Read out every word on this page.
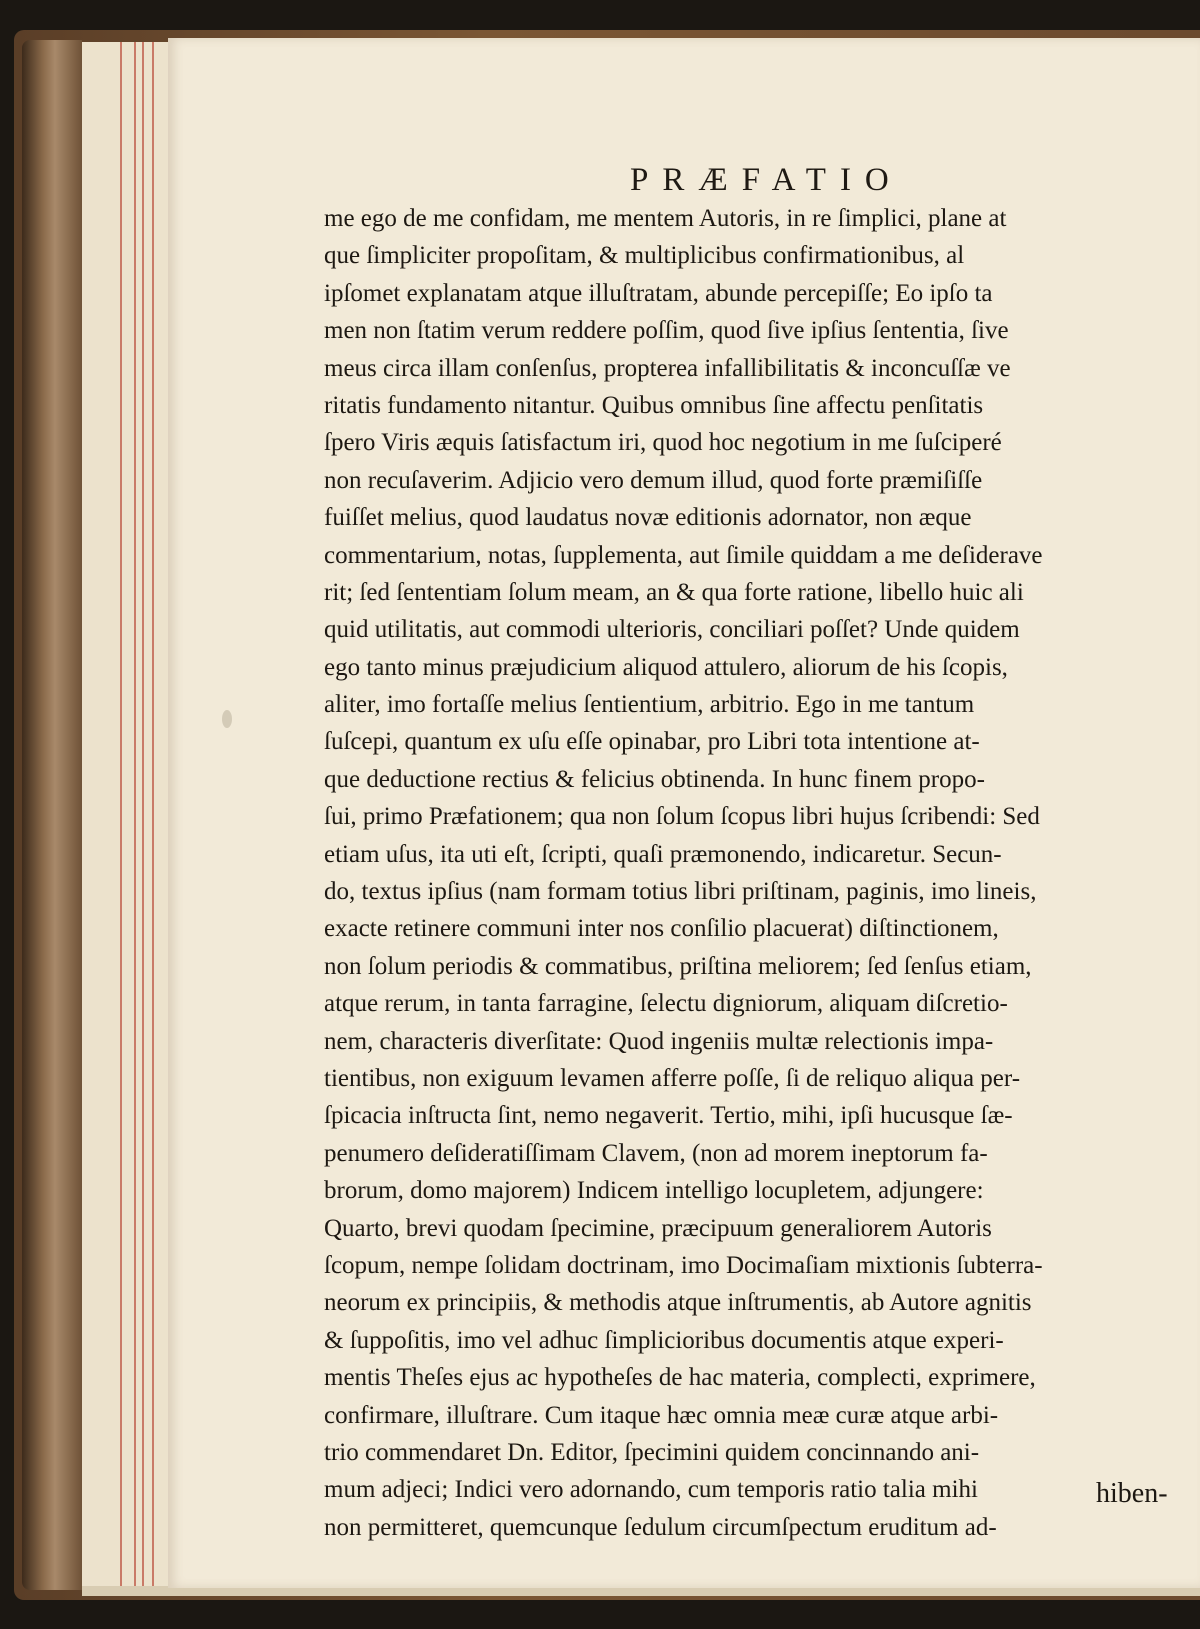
PRÆFATIO
me ego de me confidam, me mentem Autoris, in re ſimplici, plane at
que ſimpliciter propoſitam, & multiplicibus confirmationibus, al
ipſomet explanatam atque illuſtratam, abunde percepiſſe; Eo ipſo ta
men non ſtatim verum reddere poſſim, quod ſive ipſius ſententia, ſive
meus circa illam conſenſus, propterea infallibilitatis & inconcuſſæ ve
ritatis fundamento nitantur. Quibus omnibus ſine affectu penſitatis
ſpero Viris æquis ſatisfactum iri, quod hoc negotium in me ſuſciperé
non recuſaverim. Adjicio vero demum illud, quod forte præmiſiſſe
fuiſſet melius, quod laudatus novæ editionis adornator, non æque
commentarium, notas, ſupplementa, aut ſimile quiddam a me deſiderave
rit; ſed ſententiam ſolum meam, an & qua forte ratione, libello huic ali
quid utilitatis, aut commodi ulterioris, conciliari poſſet? Unde quidem
ego tanto minus præjudicium aliquod attulero, aliorum de his ſcopis,
aliter, imo fortaſſe melius ſentientium, arbitrio. Ego in me tantum
ſuſcepi, quantum ex uſu eſſe opinabar, pro Libri tota intentione at-
que deductione rectius & felicius obtinenda. In hunc finem propo-
ſui, primo Præfationem; qua non ſolum ſcopus libri hujus ſcribendi: Sed
etiam uſus, ita uti eſt, ſcripti, quaſi præmonendo, indicaretur. Secun-
do, textus ipſius (nam formam totius libri priſtinam, paginis, imo lineis,
exacte retinere communi inter nos conſilio placuerat) diſtinctionem,
non ſolum periodis & commatibus, priſtina meliorem; ſed ſenſus etiam,
atque rerum, in tanta farragine, ſelectu digniorum, aliquam diſcretio-
nem, characteris diverſitate: Quod ingeniis multæ relectionis impa-
tientibus, non exiguum levamen afferre poſſe, ſi de reliquo aliqua per-
ſpicacia inſtructa ſint, nemo negaverit. Tertio, mihi, ipſi hucusque ſæ-
penumero deſideratiſſimam Clavem, (non ad morem ineptorum fa-
brorum, domo majorem) Indicem intelligo locupletem, adjungere:
Quarto, brevi quodam ſpecimine, præcipuum generaliorem Autoris
ſcopum, nempe ſolidam doctrinam, imo Docimaſiam mixtionis ſubterra-
neorum ex principiis, & methodis atque inſtrumentis, ab Autore agnitis
& ſuppoſitis, imo vel adhuc ſimplicioribus documentis atque experi-
mentis Theſes ejus ac hypotheſes de hac materia, complecti, exprimere,
confirmare, illuſtrare. Cum itaque hæc omnia meæ curæ atque arbi-
trio commendaret Dn. Editor, ſpecimini quidem concinnando ani-
mum adjeci; Indici vero adornando, cum temporis ratio talia mihi
non permitteret, quemcunque ſedulum circumſpectum eruditum ad-
hiben-
